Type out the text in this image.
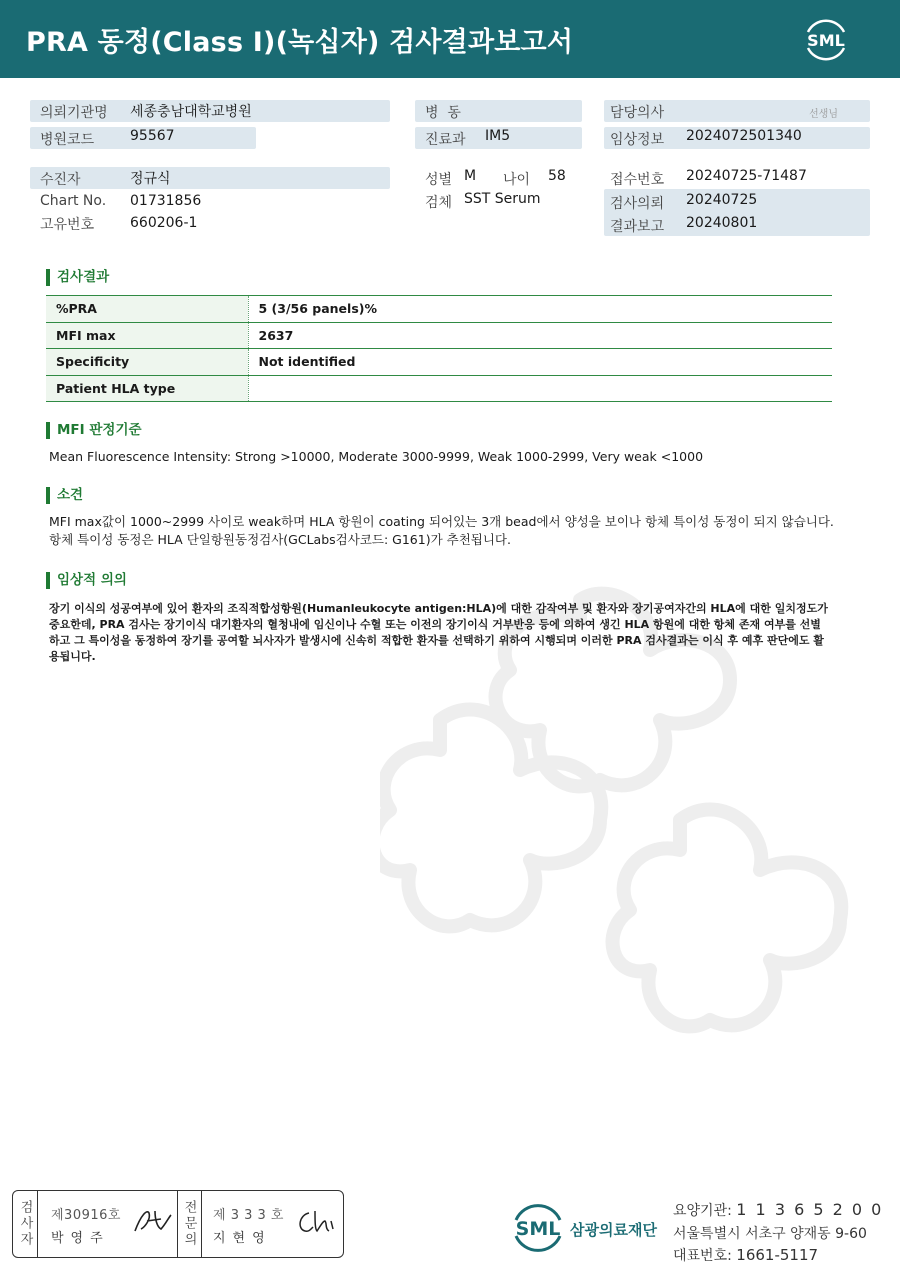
PRA 동정(Class I)(녹십자) 검사결과보고서	SML
의뢰기관명 세종충남대학교병원
병원코드	95567
수진자	정규식
Chart No. 01731856
고유번호	660206-1
병  동
진료과 IM5
성별 M 나이 58
검체 SST Serum
담당의사	선생님
임상정보 2024072501340
접수번호 20240725-71487
검사의뢰 20240725
결과보고 20240801
검사결과
%PRA	5 (3/56 panels)%
MFI max	2637
Specificity	Not identified
Patient HLA type	
MFI 판정기준
Mean Fluorescence Intensity: Strong >10000, Moderate 3000-9999, Weak 1000-2999, Very weak <1000
소견
MFI max값이 1000~2999 사이로 weak하며 HLA 항원이 coating 되어있는 3개 bead에서 양성을 보이나 항체 특이성 동정이 되지 않습니다. 항체 특이성 동정은 HLA 단일항원동정검사(GCLabs검사코드: G161)가 추천됩니다.
임상적 의의
장기 이식의 성공여부에 있어 환자의 조직적합성항원(Humanleukocyte antigen:HLA)에 대한 감작여부 및 환자와 장기공여자간의 HLA에 대한 일치정도가 중요한데, PRA 검사는 장기이식 대기환자의 혈청내에 임신이나 수혈 또는 이전의 장기이식 거부반응 등에 의하여 생긴 HLA 항원에 대한 항체 존재 여부를 선별하고 그 특이성을 동정하여 장기를 공여할 뇌사자가 발생시에 신속히 적합한 환자를 선택하기 위하여 시행되며 이러한 PRA 검사결과는 이식 후 예후 판단에도 활용됩니다.
검사자 제30916호
박영주	전문의 제 3 3 3 호
지현영	SML 삼광의료재단
요양기관: 1 1 3 6 5 2 0 0
서울특별시 서초구 양재동 9-60
대표번호: 1661-5117
